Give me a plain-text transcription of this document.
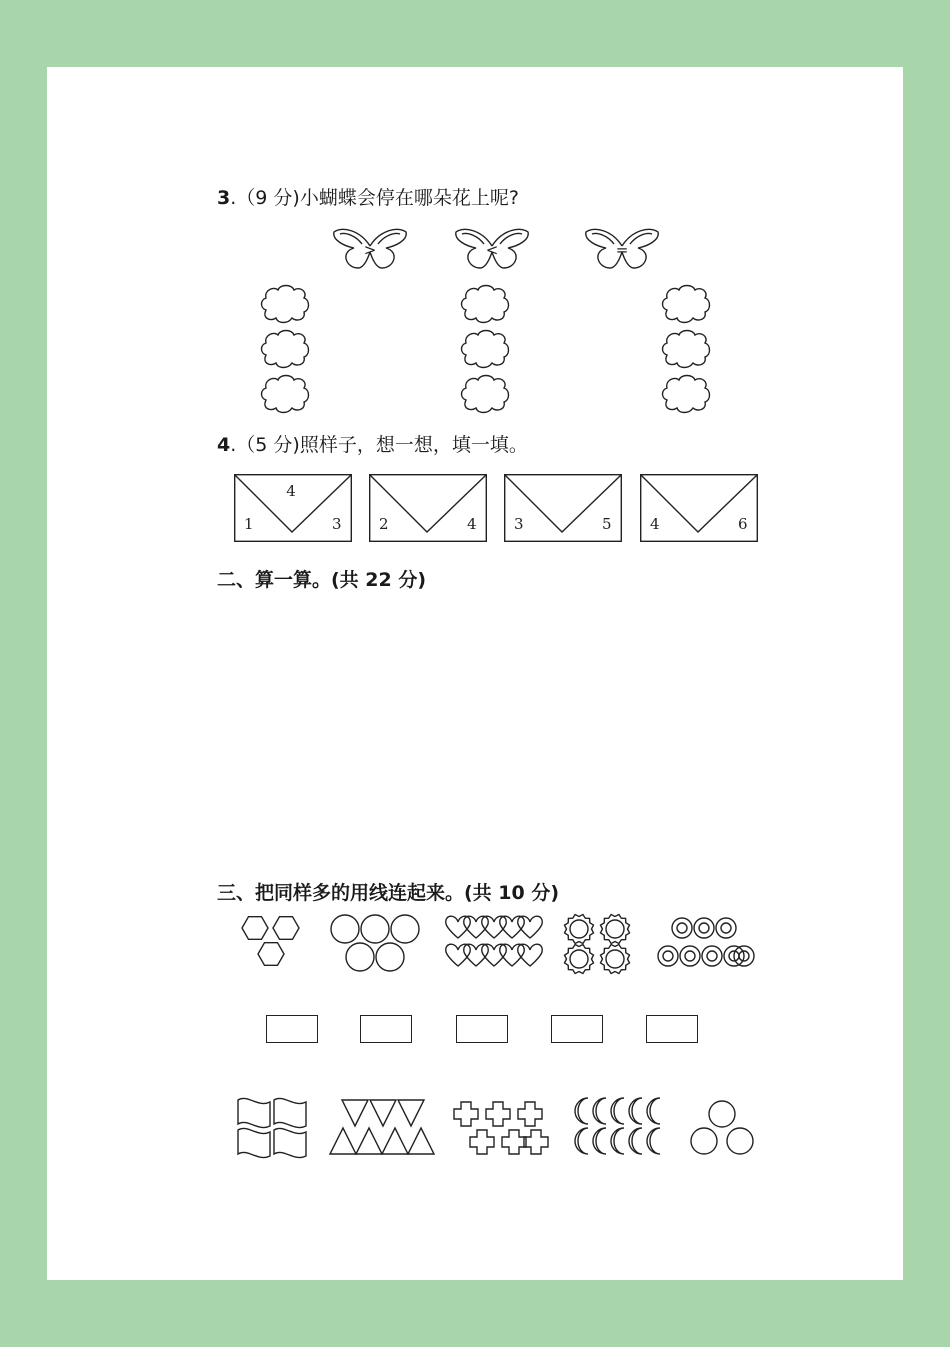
3.（9 分)小蝴蝶会停在哪朵花上呢?
>	<	=
4.（5 分)照样子，想一想，填一填。
4
1	3 2	4 3	5	4	6
二、算一算。(共 22 分)
三、把同样多的用线连起来。(共 10 分)
